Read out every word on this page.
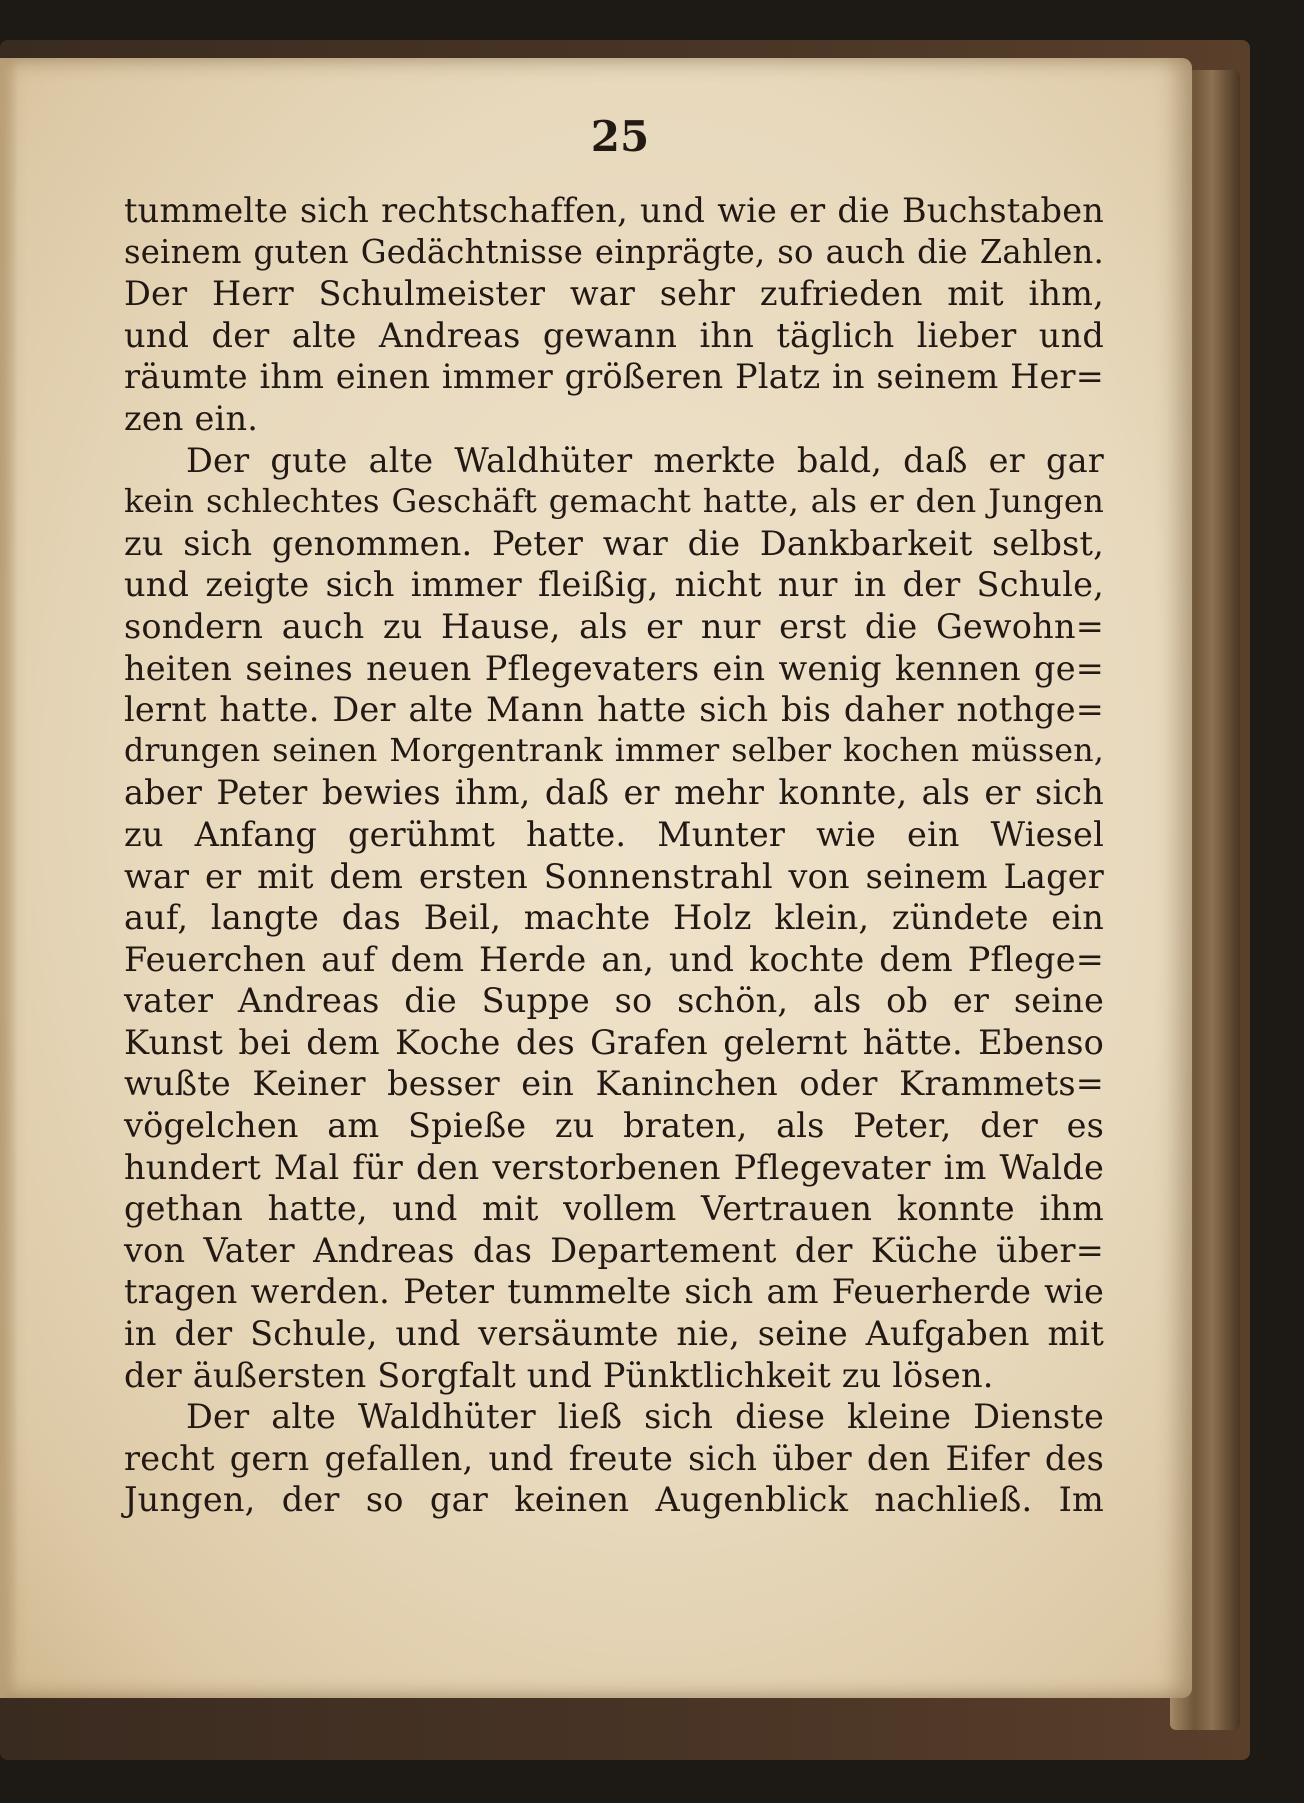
25
tummelte sich rechtschaffen, und wie er die Buchstaben
seinem guten Gedächtnisse einprägte, so auch die Zahlen.
Der Herr Schulmeister war sehr zufrieden mit ihm,
und der alte Andreas gewann ihn täglich lieber und
räumte ihm einen immer größeren Platz in seinem Her=
zen ein.
Der gute alte Waldhüter merkte bald, daß er gar
kein schlechtes Geschäft gemacht hatte, als er den Jungen
zu sich genommen. Peter war die Dankbarkeit selbst,
und zeigte sich immer fleißig, nicht nur in der Schule,
sondern auch zu Hause, als er nur erst die Gewohn=
heiten seines neuen Pflegevaters ein wenig kennen ge=
lernt hatte. Der alte Mann hatte sich bis daher nothge=
drungen seinen Morgentrank immer selber kochen müssen,
aber Peter bewies ihm, daß er mehr konnte, als er sich
zu Anfang gerühmt hatte. Munter wie ein Wiesel
war er mit dem ersten Sonnenstrahl von seinem Lager
auf, langte das Beil, machte Holz klein, zündete ein
Feuerchen auf dem Herde an, und kochte dem Pflege=
vater Andreas die Suppe so schön, als ob er seine
Kunst bei dem Koche des Grafen gelernt hätte. Ebenso
wußte Keiner besser ein Kaninchen oder Krammets=
vögelchen am Spieße zu braten, als Peter, der es
hundert Mal für den verstorbenen Pflegevater im Walde
gethan hatte, und mit vollem Vertrauen konnte ihm
von Vater Andreas das Departement der Küche über=
tragen werden. Peter tummelte sich am Feuerherde wie
in der Schule, und versäumte nie, seine Aufgaben mit
der äußersten Sorgfalt und Pünktlichkeit zu lösen.
Der alte Waldhüter ließ sich diese kleine Dienste
recht gern gefallen, und freute sich über den Eifer des
Jungen, der so gar keinen Augenblick nachließ. Im
